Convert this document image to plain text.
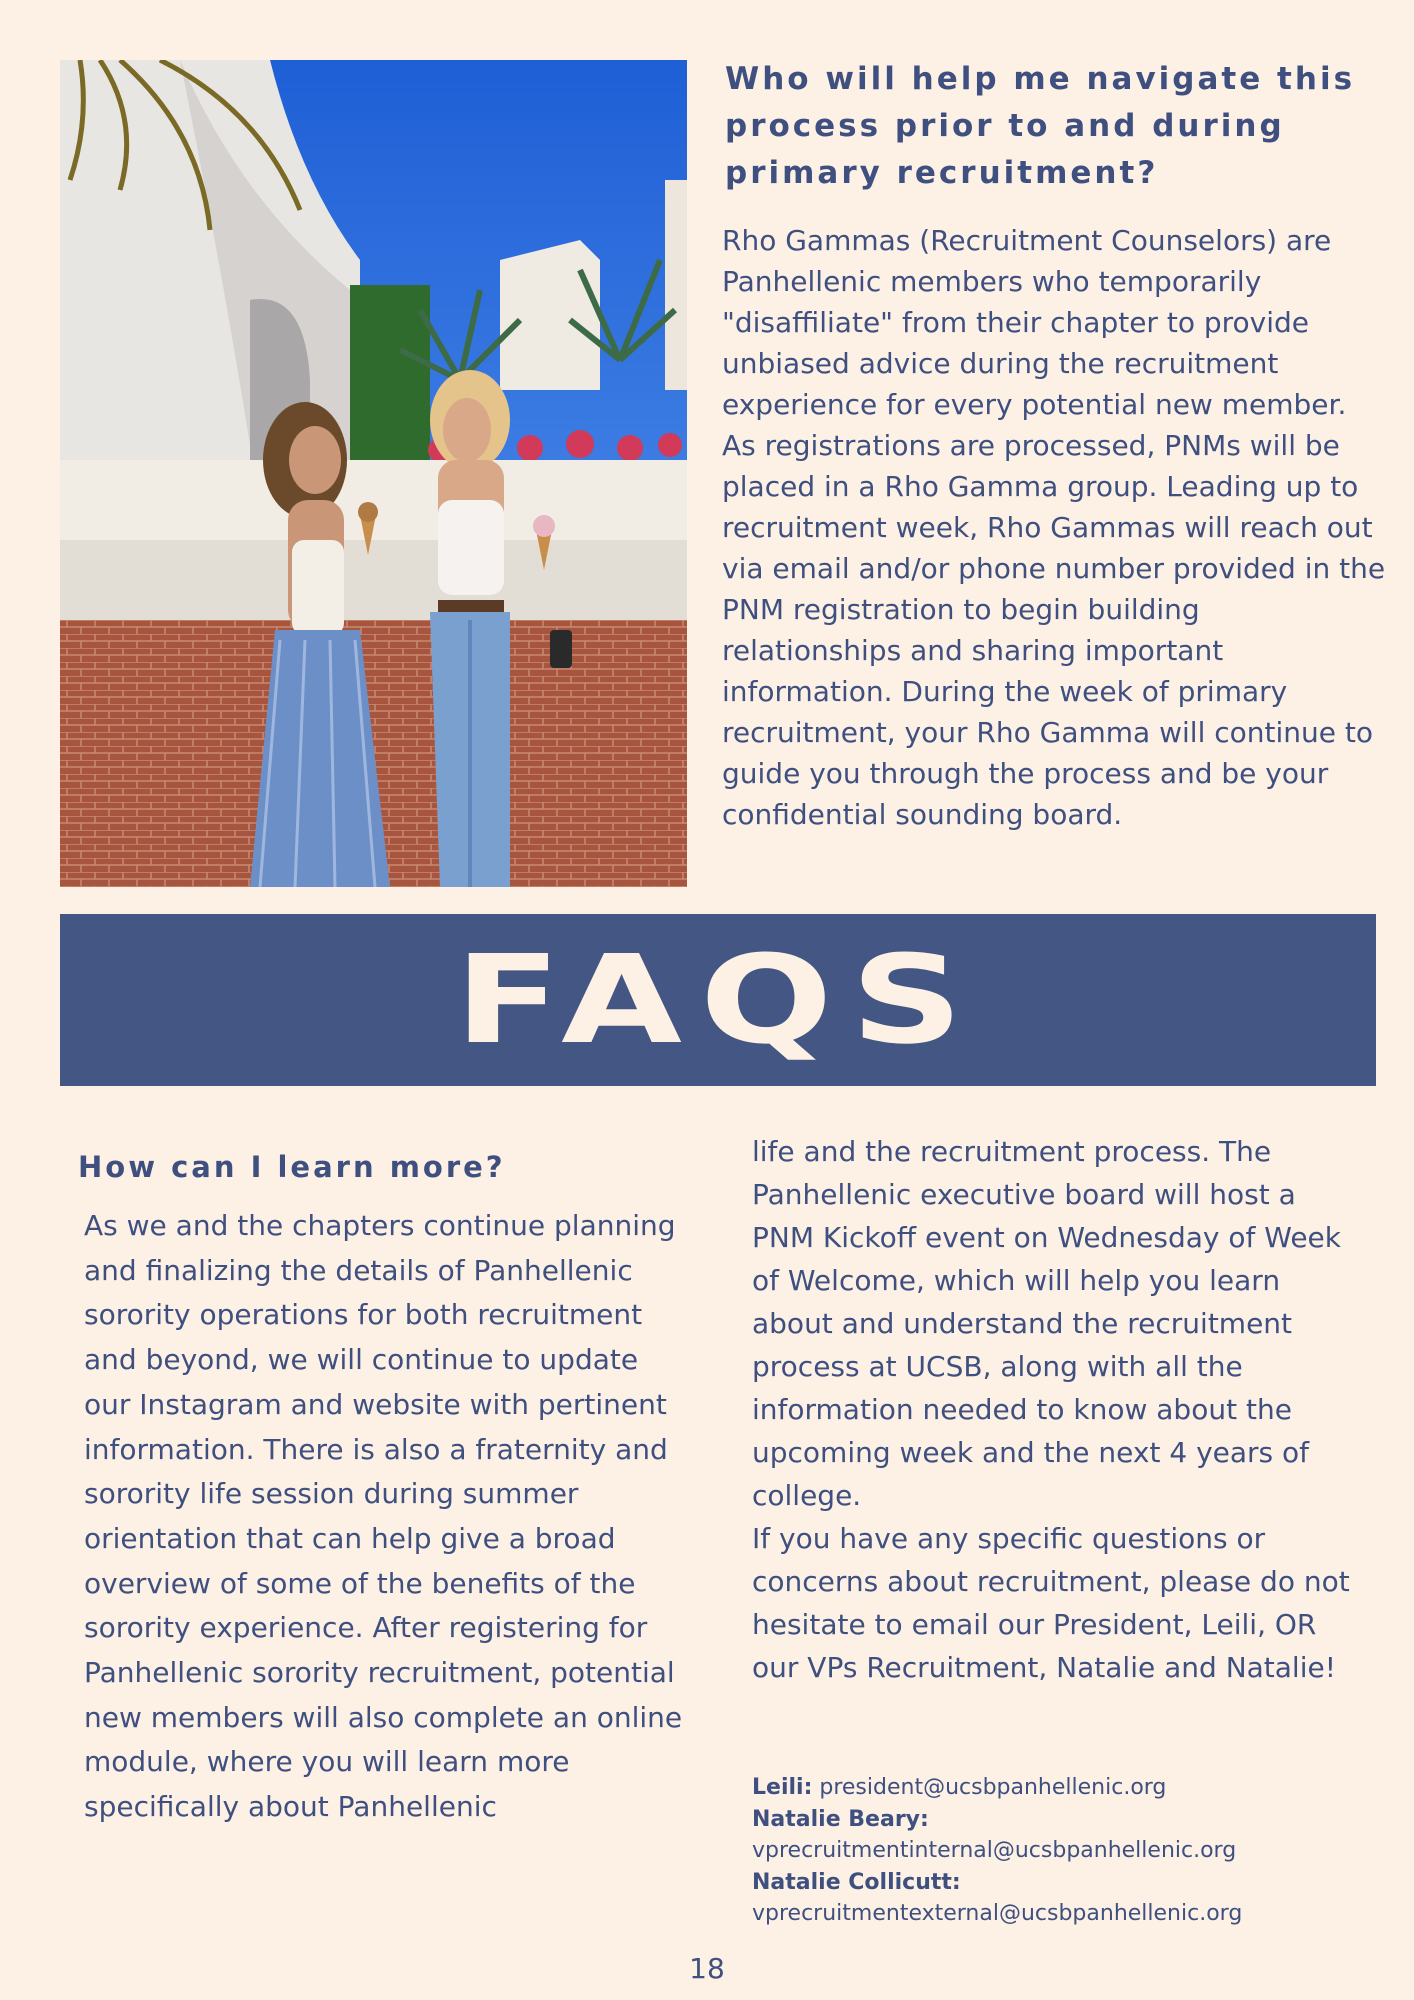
Who will help me navigate this process prior to and during primary recruitment?

Rho Gammas (Recruitment Counselors) are Panhellenic members who temporarily "disaffiliate" from their chapter to provide unbiased advice during the recruitment experience for every potential new member. As registrations are processed, PNMs will be placed in a Rho Gamma group. Leading up to recruitment week, Rho Gammas will reach out via email and/or phone number provided in the PNM registration to begin building relationships and sharing important information. During the week of primary recruitment, your Rho Gamma will continue to guide you through the process and be your confidential sounding board.

FAQS
How can I learn more?

As we and the chapters continue planning and finalizing the details of Panhellenic sorority operations for both recruitment and beyond, we will continue to update our Instagram and website with pertinent information. There is also a fraternity and sorority life session during summer orientation that can help give a broad overview of some of the benefits of the sorority experience. After registering for Panhellenic sorority recruitment, potential new members will also complete an online module, where you will learn more specifically about Panhellenic

life and the recruitment process. The Panhellenic executive board will host a PNM Kickoff event on Wednesday of Week of Welcome, which will help you learn about and understand the recruitment process at UCSB, along with all the information needed to know about the upcoming week and the next 4 years of college.

If you have any specific questions or concerns about recruitment, please do not hesitate to email our President, Leili, OR our VPs Recruitment, Natalie and Natalie!

Leili: president@ucsbpanhellenic.org
Natalie Beary:
vprecruitmentinternal@ucsbpanhellenic.org
Natalie Collicutt:
vprecruitmentexternal@ucsbpanhellenic.org
18
